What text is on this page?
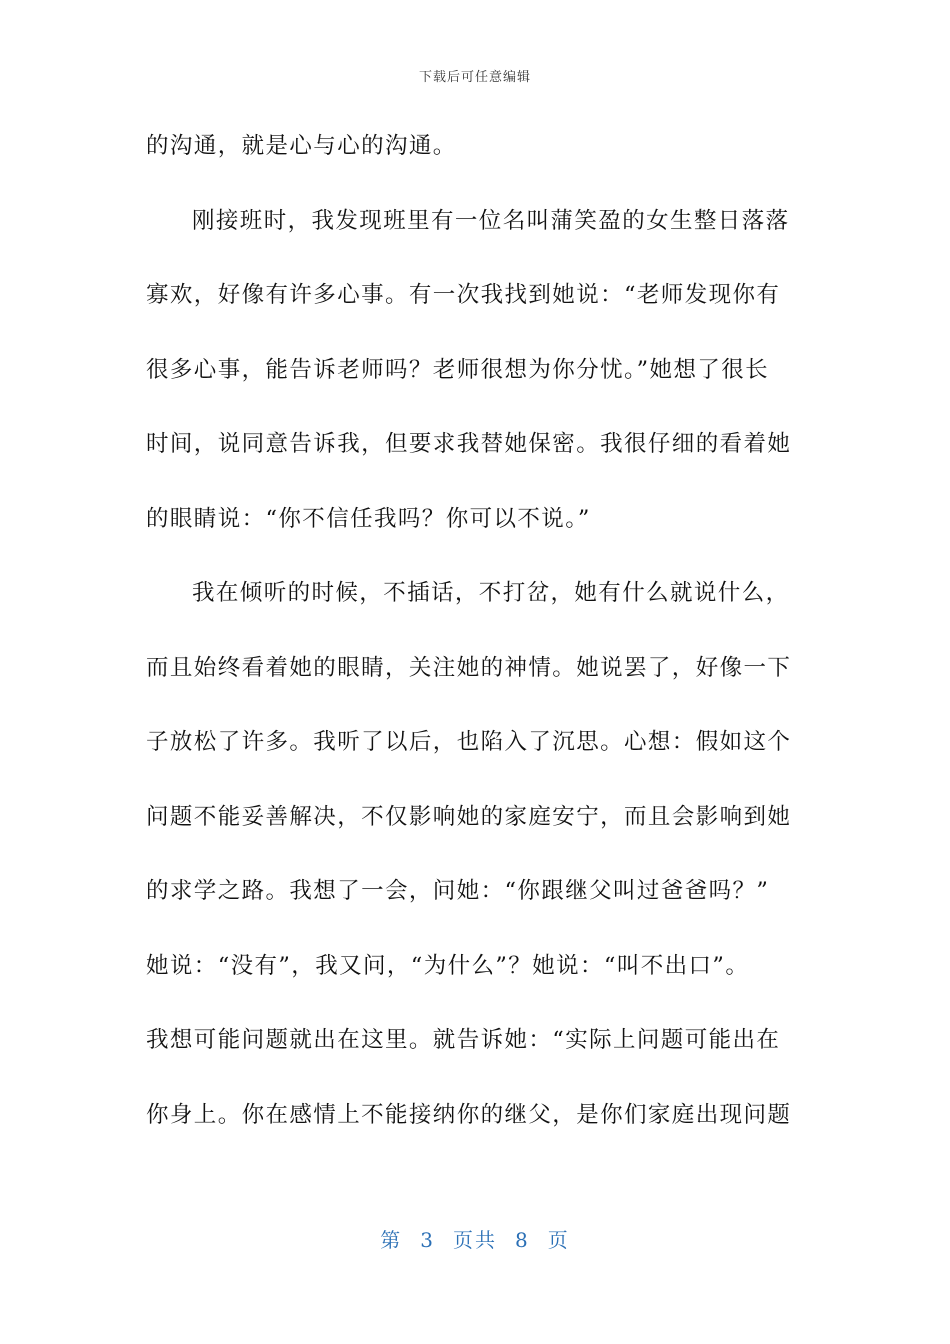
下载后可任意编辑
的沟通，就是心与心的沟通。
刚接班时，我发现班里有一位名叫蒲笑盈的女生整日落落
寡欢，好像有许多心事。有一次我找到她说：“老师发现你有
很多心事，能告诉老师吗？老师很想为你分忧。”她想了很长
时间，说同意告诉我，但要求我替她保密。我很仔细的看着她
的眼睛说：“你不信任我吗？你可以不说。”
我在倾听的时候，不插话，不打岔，她有什么就说什么，
而且始终看着她的眼睛，关注她的神情。她说罢了，好像一下
子放松了许多。我听了以后，也陷入了沉思。心想：假如这个
问题不能妥善解决，不仅影响她的家庭安宁，而且会影响到她
的求学之路。我想了一会，问她：“你跟继父叫过爸爸吗？”
她说：“没有”，我又问，“为什么”？她说：“叫不出口”。
我想可能问题就出在这里。就告诉她：“实际上问题可能出在
你身上。你在感情上不能接纳你的继父，是你们家庭出现问题
第 3 页共 8 页
